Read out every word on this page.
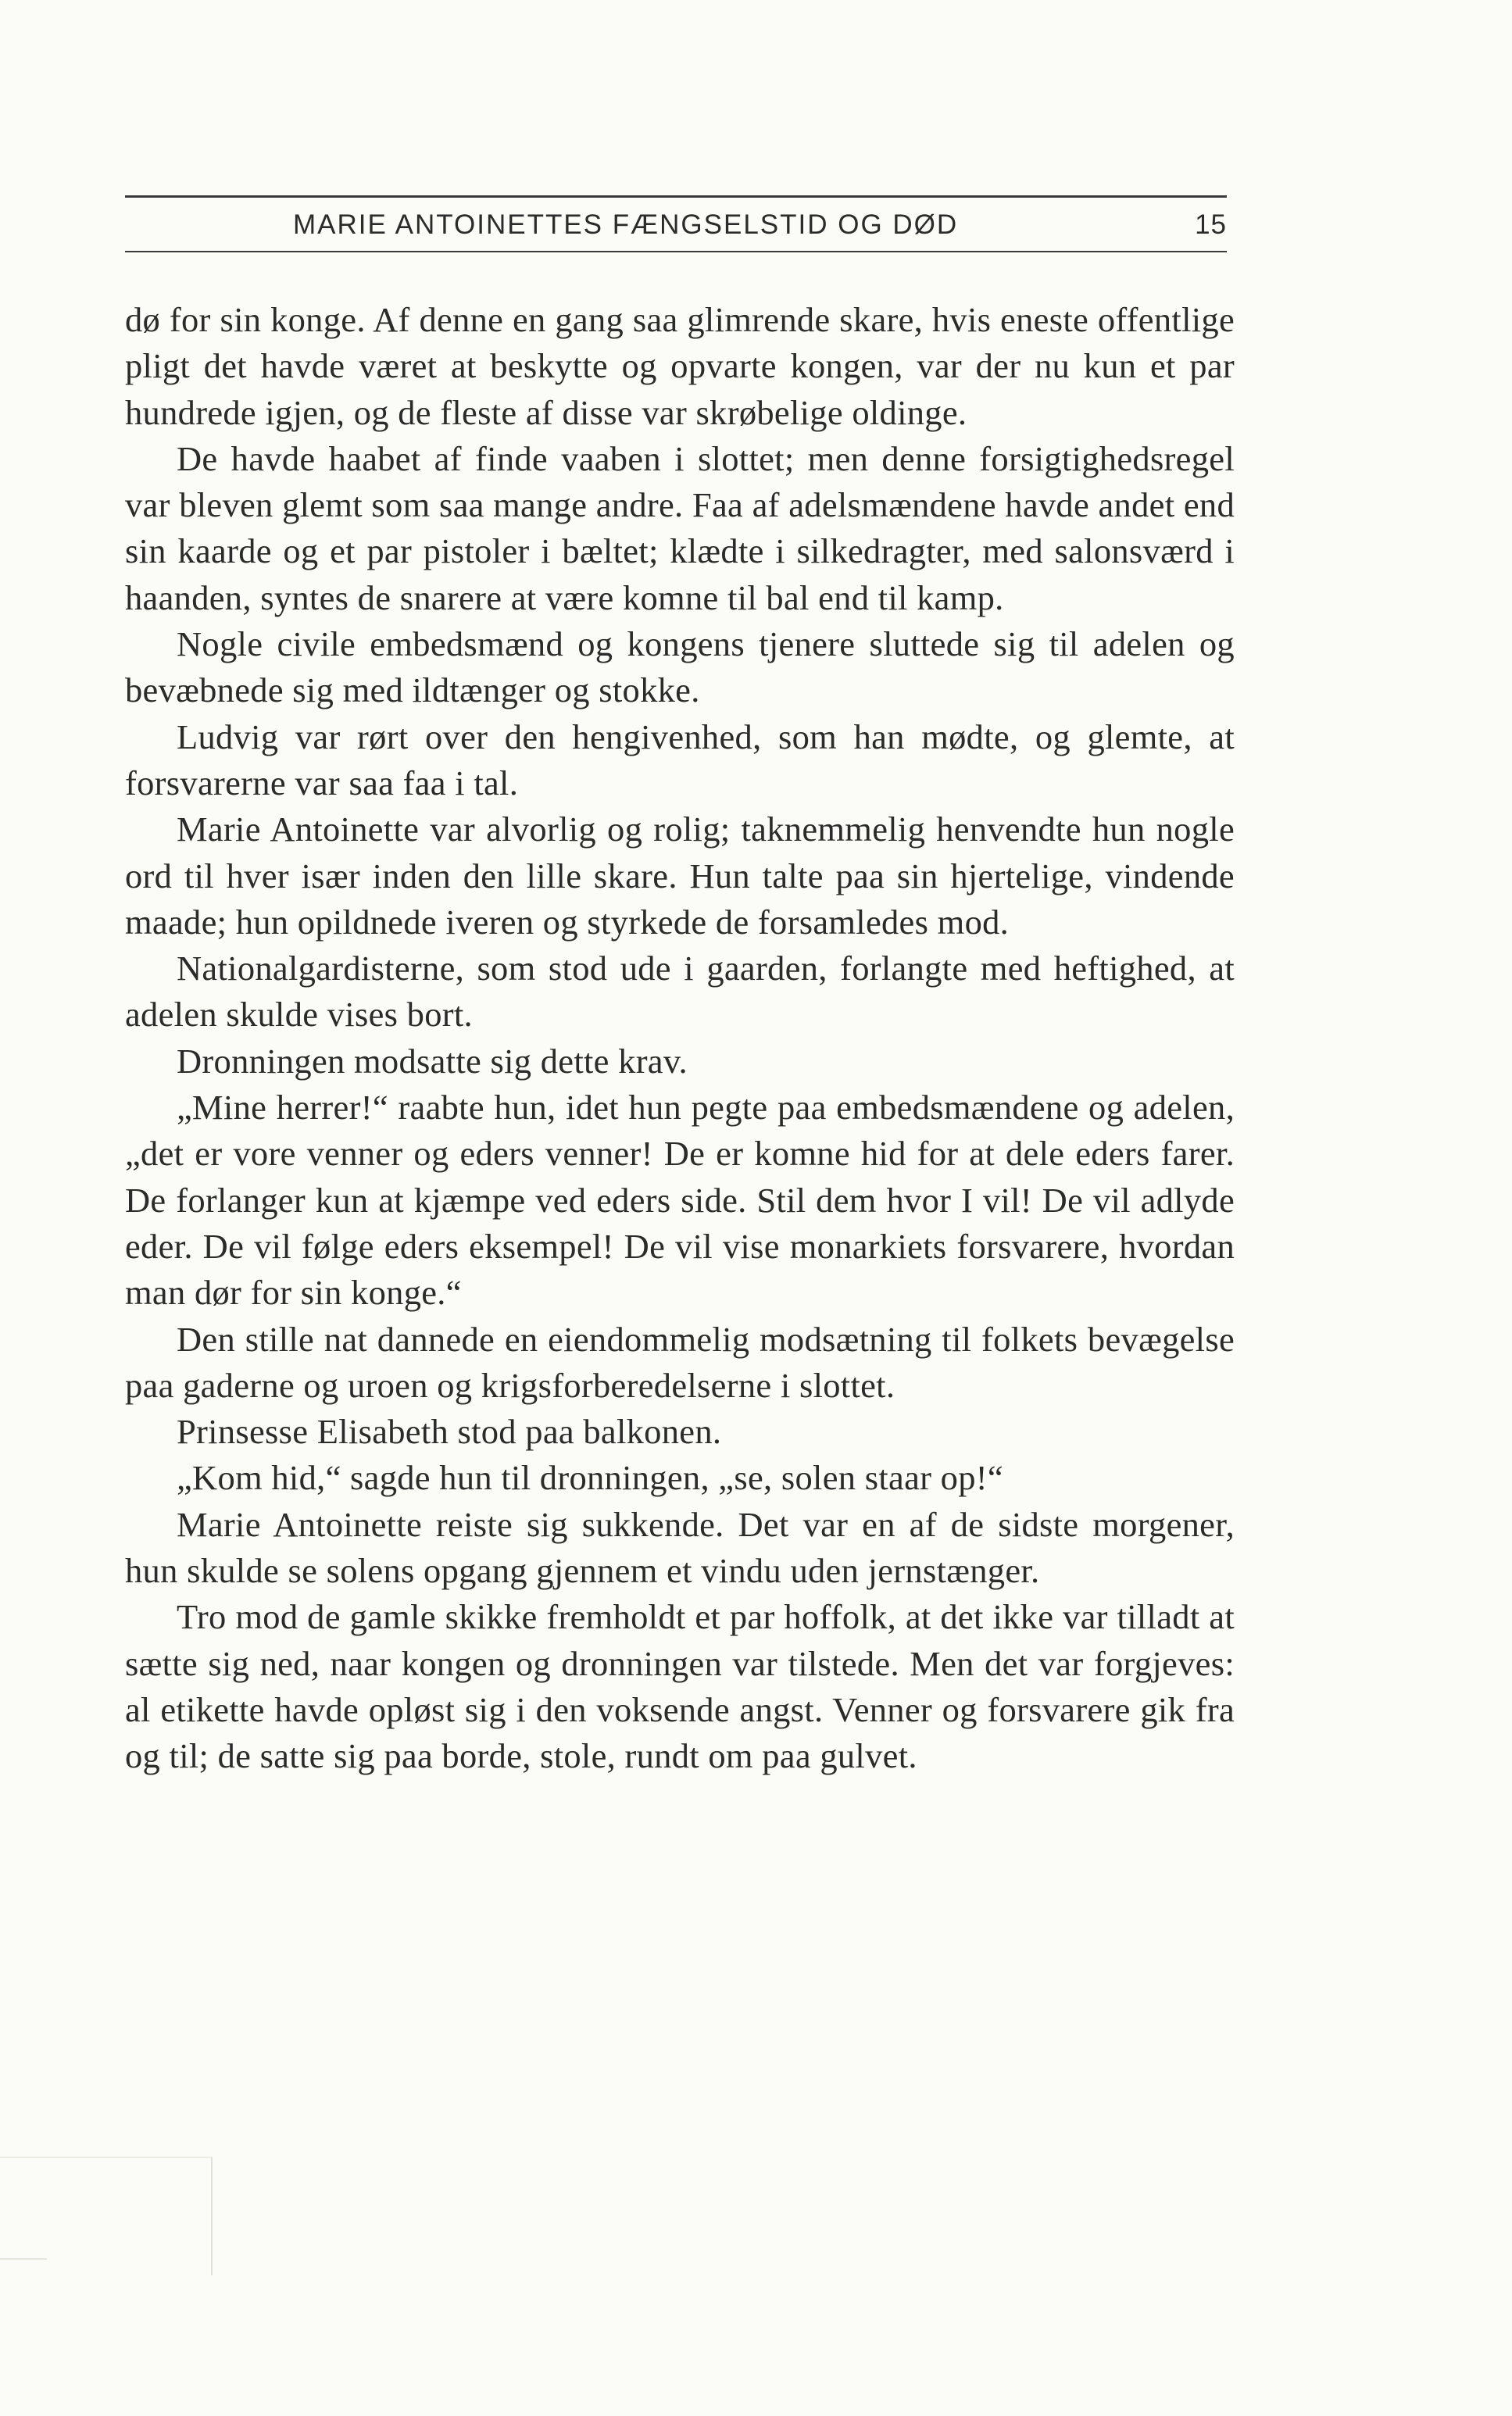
MARIE ANTOINETTES FÆNGSELSTID OG DØD	15

dø for sin konge. Af denne en gang saa glimrende skare, hvis eneste offentlige pligt det havde været at beskytte og opvarte kongen, var der nu kun et par hundrede igjen, og de fleste af disse var skrøbelige oldinge.

De havde haabet af finde vaaben i slottet; men denne forsigtighedsregel var bleven glemt som saa mange andre. Faa af adelsmændene havde andet end sin kaarde og et par pistoler i bæltet; klædte i silkedragter, med salonsværd i haanden, syntes de snarere at være komne til bal end til kamp.

Nogle civile embedsmænd og kongens tjenere sluttede sig til adelen og bevæbnede sig med ildtænger og stokke.

Ludvig var rørt over den hengivenhed, som han mødte, og glemte, at forsvarerne var saa faa i tal.

Marie Antoinette var alvorlig og rolig; taknemmelig henvendte hun nogle ord til hver især inden den lille skare. Hun talte paa sin hjertelige, vindende maade; hun opildnede iveren og styrkede de forsamledes mod.

Nationalgardisterne, som stod ude i gaarden, forlangte med heftighed, at adelen skulde vises bort.

Dronningen modsatte sig dette krav.

„Mine herrer!“ raabte hun, idet hun pegte paa embedsmændene og adelen, „det er vore venner og eders venner! De er komne hid for at dele eders farer. De forlanger kun at kjæmpe ved eders side. Stil dem hvor I vil! De vil adlyde eder. De vil følge eders eksempel! De vil vise monarkiets forsvarere, hvordan man dør for sin konge.“

Den stille nat dannede en eiendommelig modsætning til folkets bevægelse paa gaderne og uroen og krigsforberedelserne i slottet.

Prinsesse Elisabeth stod paa balkonen.

„Kom hid,“ sagde hun til dronningen, „se, solen staar op!“

Marie Antoinette reiste sig sukkende. Det var en af de sidste morgener, hun skulde se solens opgang gjennem et vindu uden jernstænger.

Tro mod de gamle skikke fremholdt et par hoffolk, at det ikke var tilladt at sætte sig ned, naar kongen og dronningen var tilstede. Men det var forgjeves: al etikette havde opløst sig i den voksende angst. Venner og forsvarere gik fra og til; de satte sig paa borde, stole, rundt om paa gulvet.
